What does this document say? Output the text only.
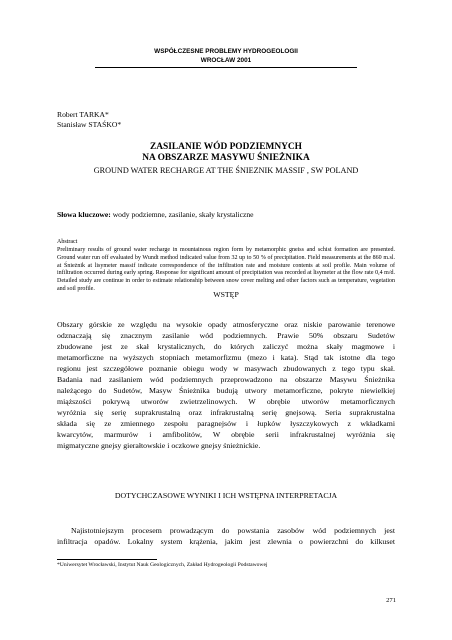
WSPÓŁCZESNE PROBLEMY HYDROGEOLOGII
WROCŁAW 2001
Robert TARKA*
Stanisław STAŚKO*
ZASILANIE WÓD PODZIEMNYCH
NA OBSZARZE MASYWU ŚNIEŻNIKA
GROUND WATER RECHARGE AT THE ŚNIEZNIK MASSIF , SW POLAND
Słowa kluczowe: wody podziemne, zasilanie, skały krystaliczne
Abstract
Preliminary results of ground water recharge in mountainous region form by metamorphic gneiss and schist formation are presented. Ground water run off evaluated by Wundt method indicated value from 32 up to 50 % of precipitation. Field measurements at the 860 m.sl. at Śnieżnik at lisymeter massif indicate correspondence of the infiltration rate and moisture contents at soil profile. Main volume of infiltration occurred during early spring. Response for significant amount of precipitation was recorded at lisymeter at the flow rate 0,4 m/d. Detailed study are continue in order to estimate relationship between snow cover melting and other factors such as temperature, vegetation and soil profile.
WSTĘP
Obszary górskie ze względu na wysokie opady atmosferyczne oraz niskie parowanie terenowe
odznaczają się znacznym zasilanie wód podziemnych. Prawie 50% obszaru Sudetów
zbudowane jest ze skał krystalicznych, do których zaliczyć można skały magmowe i
metamorficzne na wyższych stopniach metamorfizmu (mezo i kata). Stąd tak istotne dla tego
regionu jest szczegółowe poznanie obiegu wody w masywach zbudowanych z tego typu skał.
Badania nad zasilaniem wód podziemnych przeprowadzono na obszarze Masywu Śnieżnika
należącego do Sudetów, Masyw Śnieżnika budują utwory metamorficzne, pokryte niewielkiej
miąższości pokrywą utworów zwietrzelinowych. W obrębie utworów metamorficznych
wyróżnia się serię suprakrustalną oraz infrakrustalną serię gnejsową. Seria suprakrustalna
składa się ze zmiennego zespołu paragnejsów i łupków łyszczykowych z wkładkami
kwarcytów, marmurów i amfibolitów, W obrębie serii infrakrustalnej wyróżnia się
migmatyczne gnejsy gierałtowskie i oczkowe gnejsy śnieżnickie.
DOTYCHCZASOWE WYNIKI I ICH WSTĘPNA INTERPRETACJA
Najistotniejszym procesem prowadzącym do powstania zasobów wód podziemnych jest
infiltracja opadów. Lokalny system krążenia, jakim jest zlewnia o powierzchni do kilkuset
*Uniwersytet Wrocławski, Instytut Nauk Geologicznych, Zakład Hydrogeologii Podstawowej
271
